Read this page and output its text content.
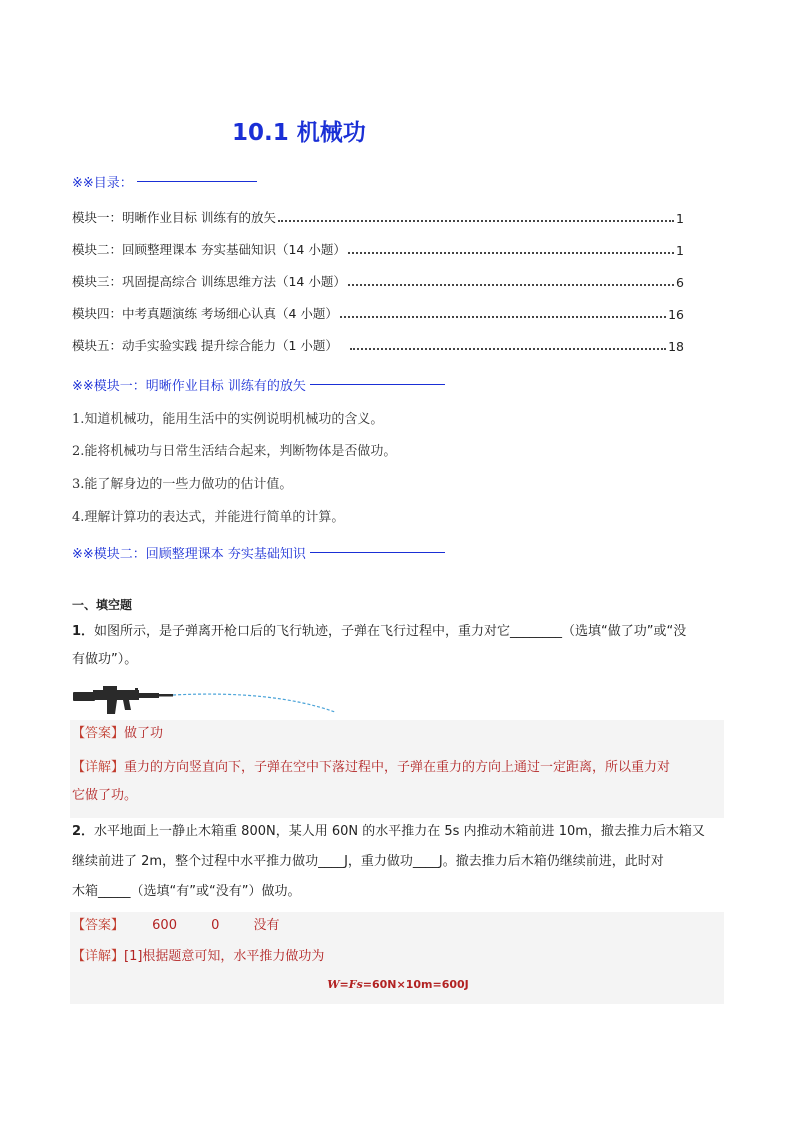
10.1 机械功
※※目录：
模块一：明晰作业目标 训练有的放矢	1
模块二：回顾整理课本 夯实基础知识（14 小题）	1
模块三：巩固提高综合 训练思维方法（14 小题）	6
模块四：中考真题演练 考场细心认真（4 小题）	16
模块五：动手实验实践 提升综合能力（1 小题）	18
※※模块一：明晰作业目标 训练有的放矢
1.知道机械功，能用生活中的实例说明机械功的含义。
2.能将机械功与日常生活结合起来，判断物体是否做功。
3.能了解身边的一些力做功的估计值。
4.理解计算功的表达式，并能进行简单的计算。
※※模块二：回顾整理课本 夯实基础知识
一、填空题
1．如图所示，是子弹离开枪口后的飞行轨迹，子弹在飞行过程中，重力对它________（选填“做了功”或“没
有做功”）。
【答案】做了功
【详解】重力的方向竖直向下，子弹在空中下落过程中，子弹在重力的方向上通过一定距离，所以重力对
它做了功。
2．水平地面上一静止木箱重 800N，某人用 60N 的水平推力在 5s 内推动木箱前进 10m，撤去推力后木箱又
继续前进了 2m，整个过程中水平推力做功____J，重力做功____J。撤去推力后木箱仍继续前进，此时对
木箱_____（选填“有”或“没有”）做功。
【答案】 600	0	没有
【详解】[1]根据题意可知，水平推力做功为
W=Fs=60N×10m=600J
